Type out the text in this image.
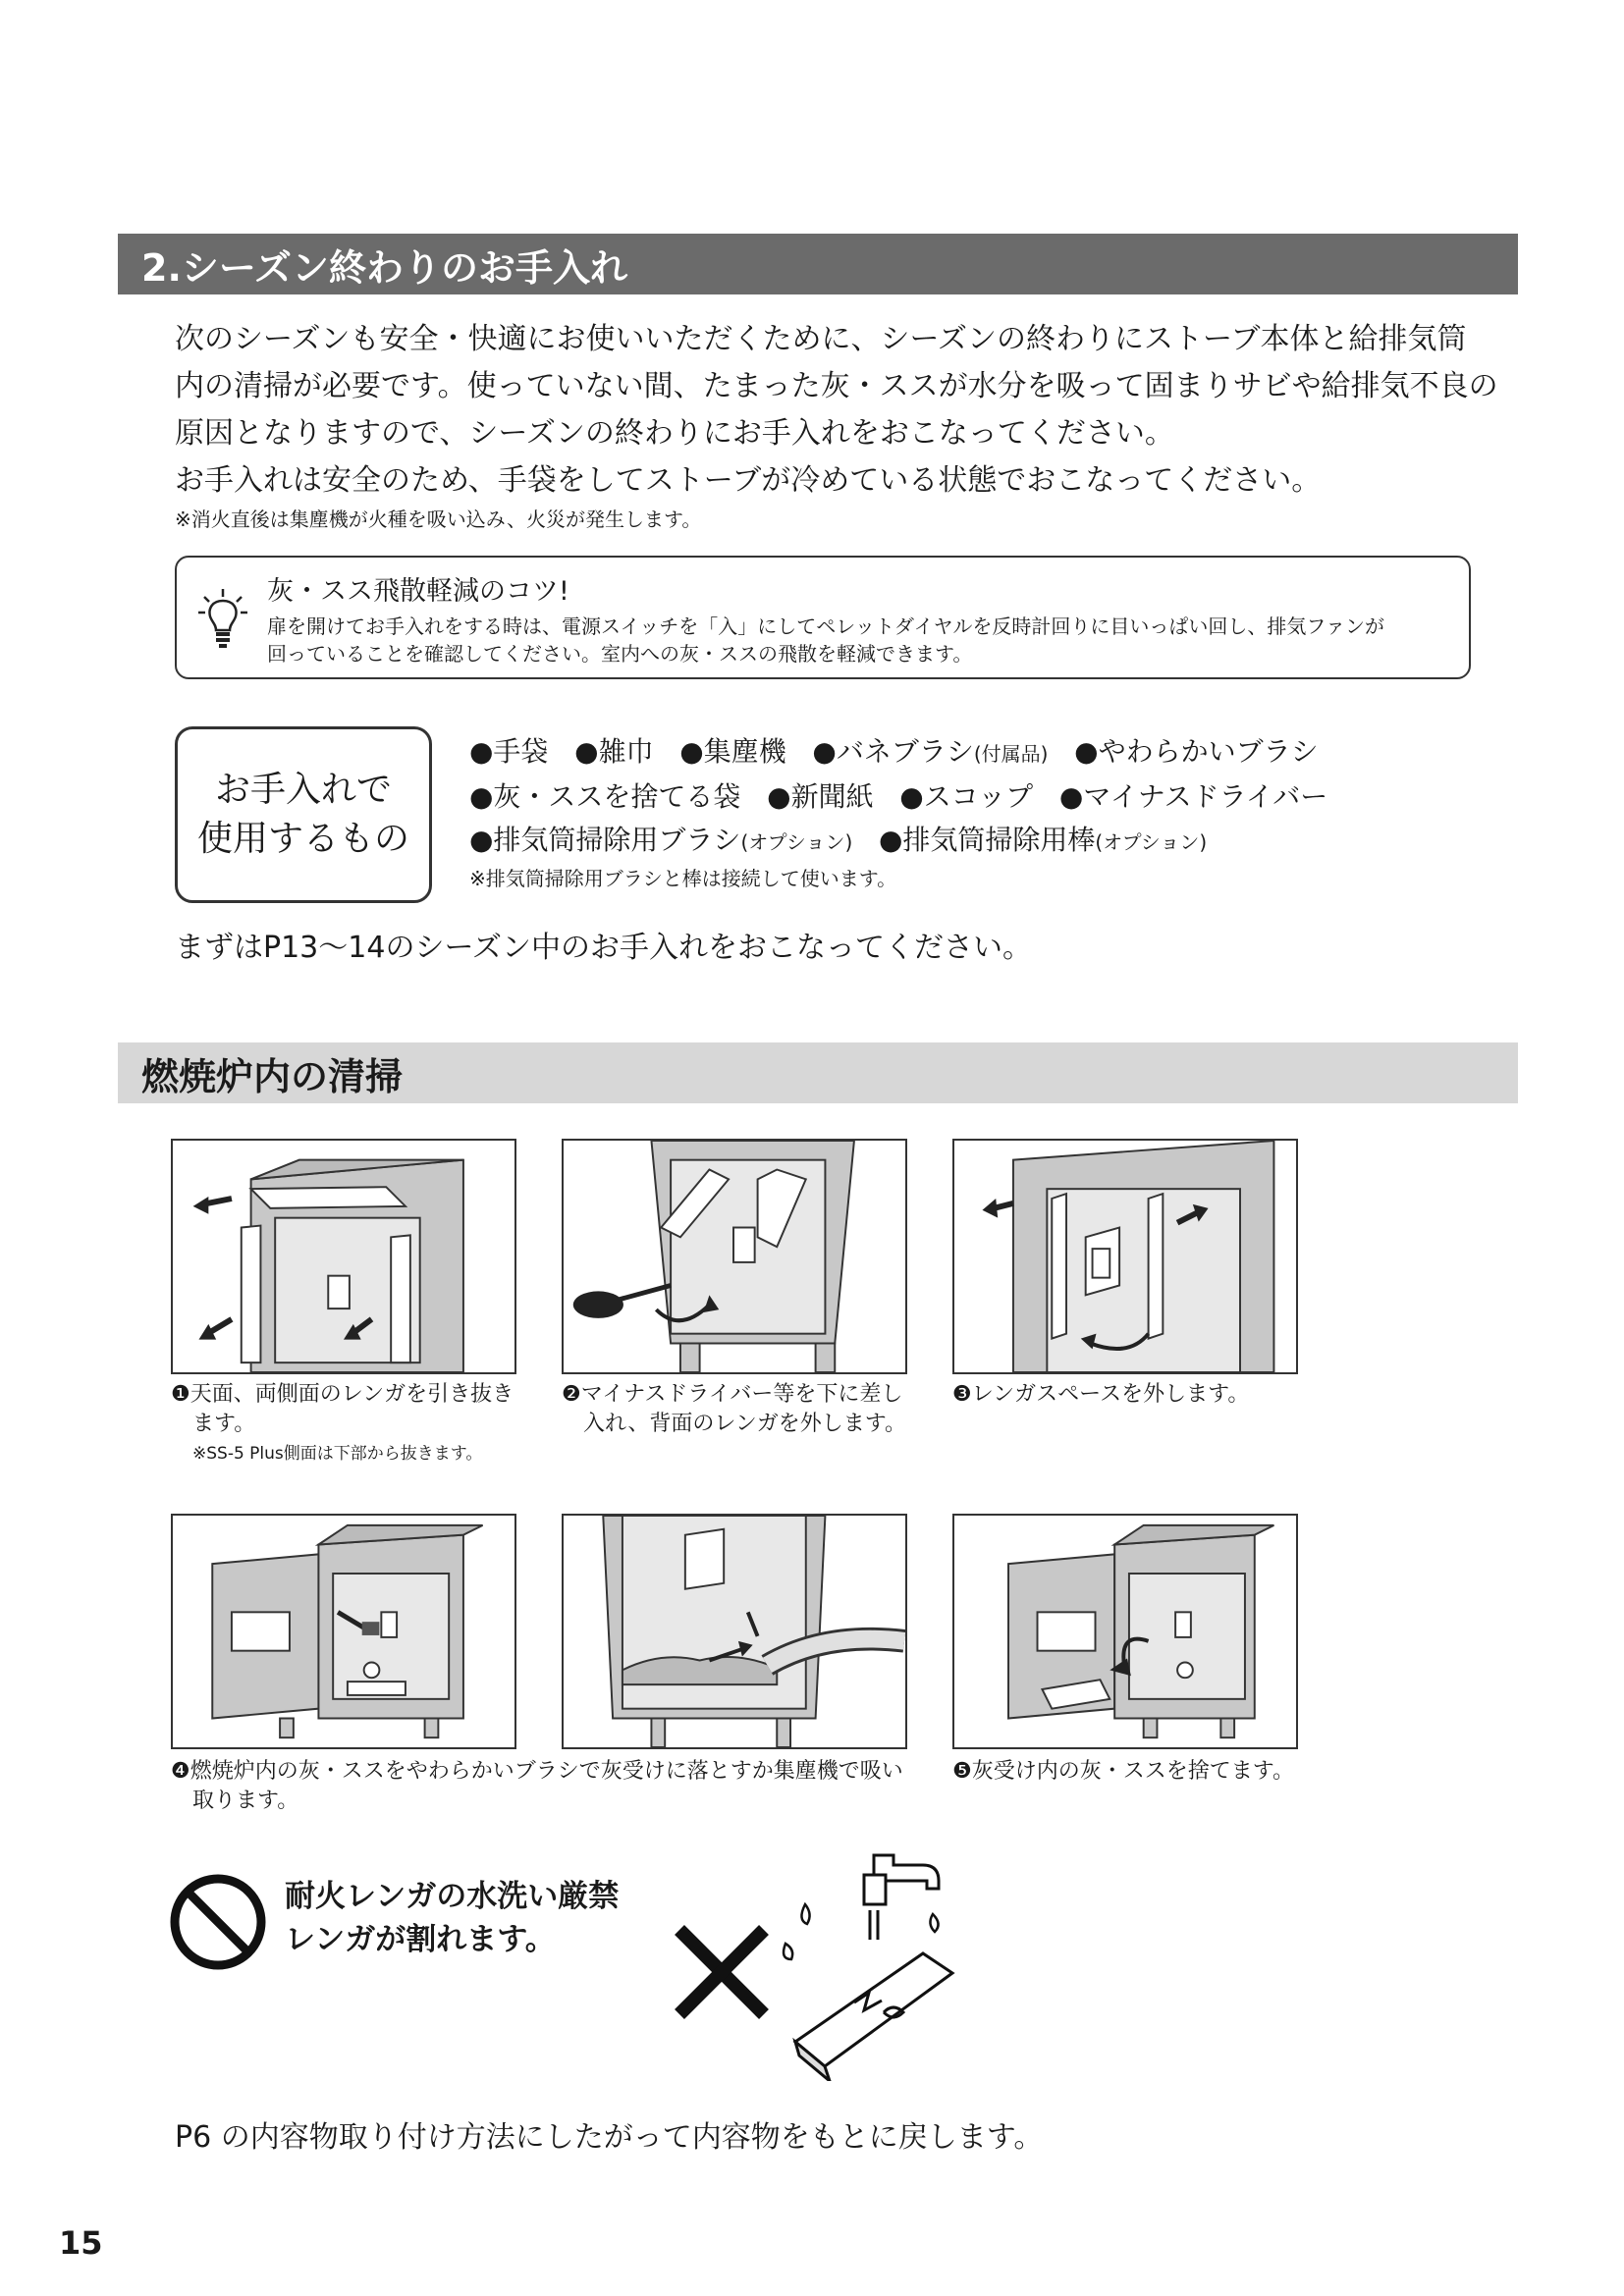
2.シーズン終わりのお手入れ

次のシーズンも安全・快適にお使いいただくために、シーズンの終わりにストーブ本体と給排気筒

内の清掃が必要です。使っていない間、たまった灰・ススが水分を吸って固まりサビや給排気不良の

原因となりますので、シーズンの終わりにお手入れをおこなってください。

お手入れは安全のため、手袋をしてストーブが冷めている状態でおこなってください。

※消火直後は集塵機が火種を吸い込み、火災が発生します。

灰・スス飛散軽減のコツ!

扉を開けてお手入れをする時は、電源スイッチを「入」にしてペレットダイヤルを反時計回りに目いっぱい回し、排気ファンが

回っていることを確認してください。室内への灰・ススの飛散を軽減できます。

お手入れで
使用するもの
●手袋 ●雑巾 ●集塵機 ●バネブラシ(付属品) ●やわらかいブラシ
●灰・ススを捨てる袋 ●新聞紙 ●スコップ ●マイナスドライバー
●排気筒掃除用ブラシ(オプション) ●排気筒掃除用棒(オプション)
※排気筒掃除用ブラシと棒は接続して使います。
まずはP13〜14のシーズン中のお手入れをおこなってください。
燃焼炉内の清掃

❶天面、両側面のレンガを引き抜き

ます。

※SS-5 Plus側面は下部から抜きます。

❷マイナスドライバー等を下に差し

入れ、背面のレンガを外します。

❸レンガスペースを外します。

❹燃焼炉内の灰・ススをやわらかいブラシで灰受けに落とすか集塵機で吸い

取ります。

❺灰受け内の灰・ススを捨てます。

耐火レンガの水洗い厳禁
レンガが割れます。
P6 の内容物取り付け方法にしたがって内容物をもとに戻します。
15
